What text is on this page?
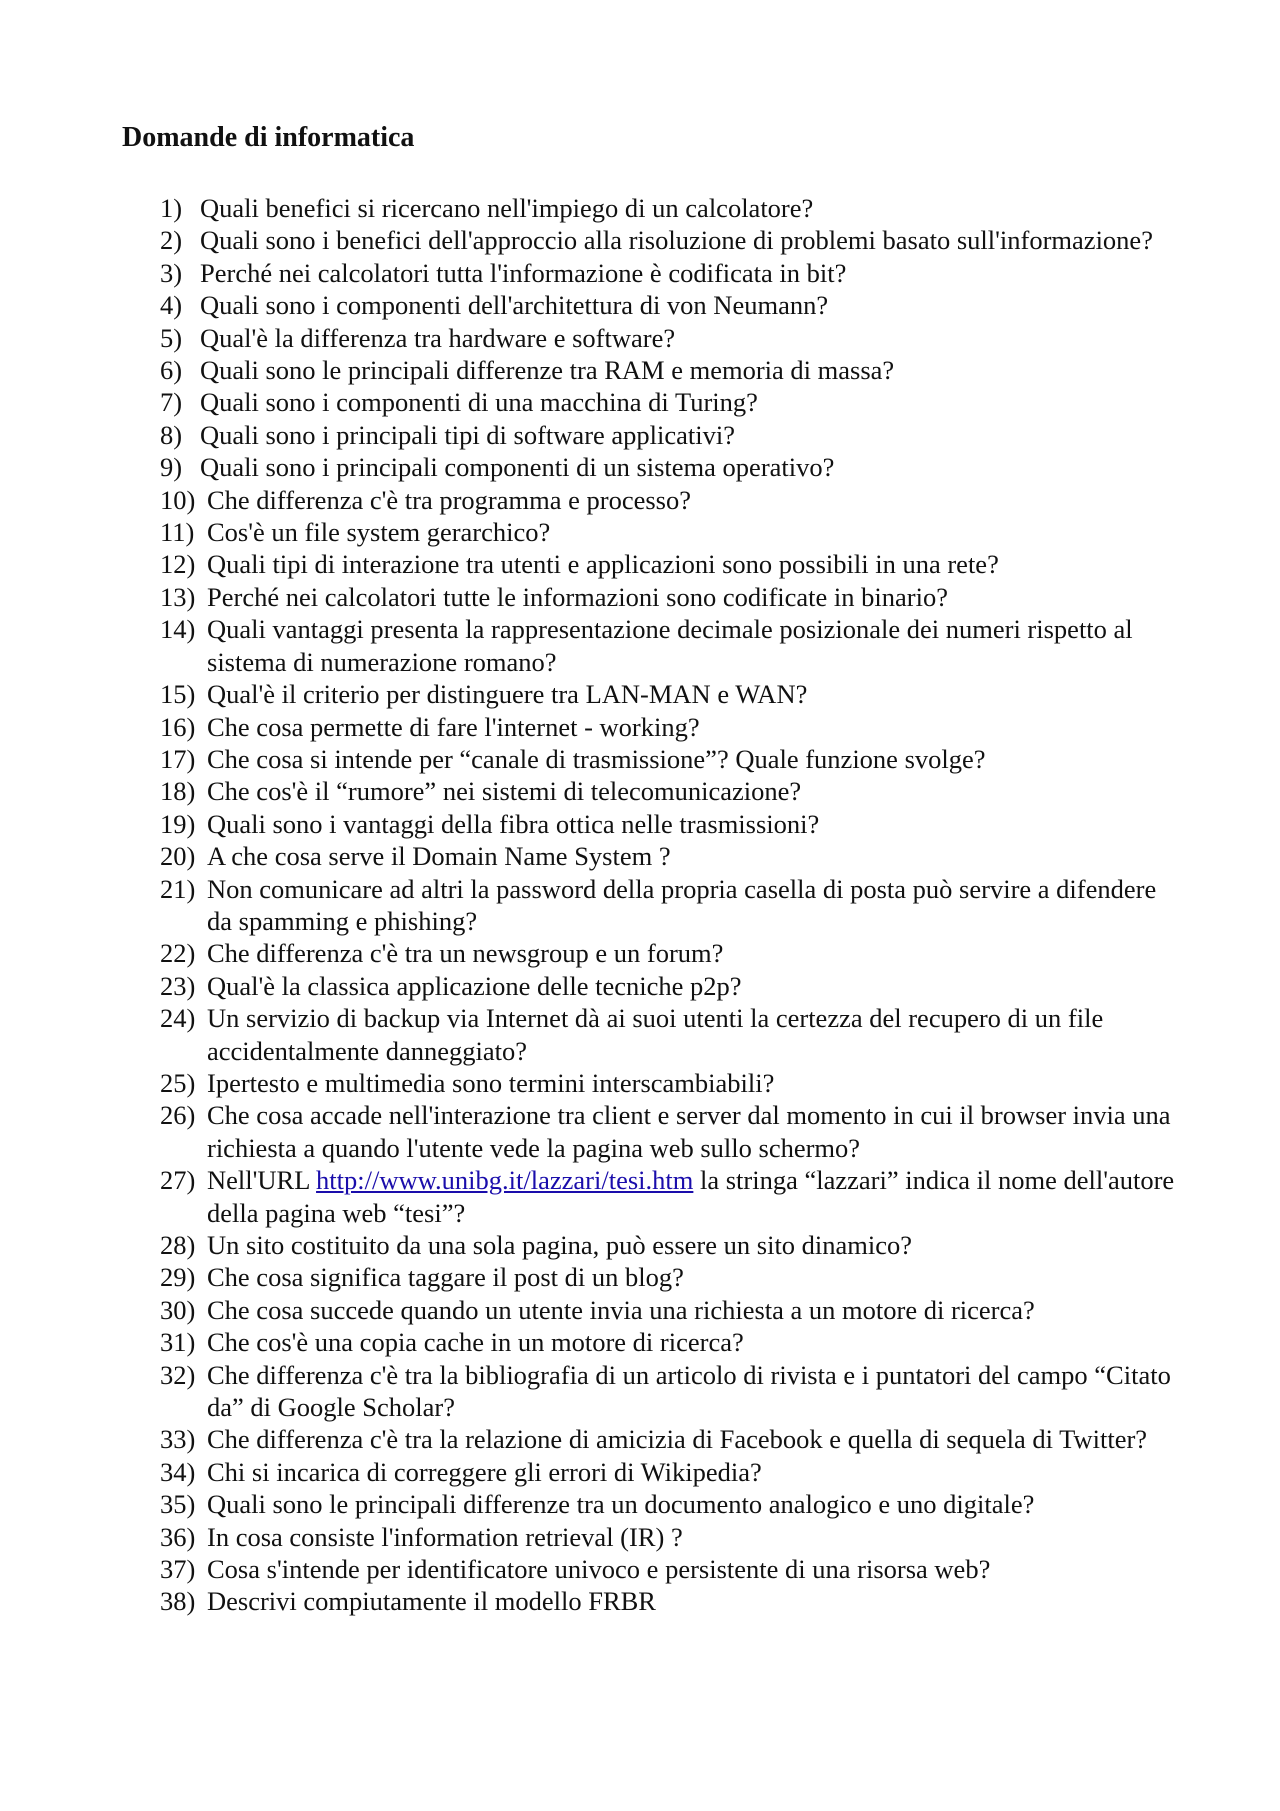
Domande di informatica
1) Quali benefici si ricercano nell'impiego di un calcolatore?
2) Quali sono i benefici dell'approccio alla risoluzione di problemi basato sull'informazione?
3) Perché nei calcolatori tutta l'informazione è codificata in bit?
4) Quali sono i componenti dell'architettura di von Neumann?
5) Qual'è la differenza tra hardware e software?
6) Quali sono le principali differenze tra RAM e memoria di massa?
7) Quali sono i componenti di una macchina di Turing?
8) Quali sono i principali tipi di software applicativi?
9) Quali sono i principali componenti di un sistema operativo?
10) Che differenza c'è tra programma e processo?
11) Cos'è un file system gerarchico?
12) Quali tipi di interazione tra utenti e applicazioni sono possibili in una rete?
13) Perché nei calcolatori tutte le informazioni sono codificate in binario?
14) Quali vantaggi presenta la rappresentazione decimale posizionale dei numeri rispetto al sistema di numerazione romano?
15) Qual'è il criterio per distinguere tra LAN-MAN e WAN?
16) Che cosa permette di fare l'internet - working?
17) Che cosa si intende per “canale di trasmissione”? Quale funzione svolge?
18) Che cos'è il “rumore” nei sistemi di telecomunicazione?
19) Quali sono i vantaggi della fibra ottica nelle trasmissioni?
20) A che cosa serve il Domain Name System ?
21) Non comunicare ad altri la password della propria casella di posta può servire a difendere da spamming e phishing?
22) Che differenza c'è tra un newsgroup e un forum?
23) Qual'è la classica applicazione delle tecniche p2p?
24) Un servizio di backup via Internet dà ai suoi utenti la certezza del recupero di un file accidentalmente danneggiato?
25) Ipertesto e multimedia sono termini interscambiabili?
26) Che cosa accade nell'interazione tra client e server dal momento in cui il browser invia una richiesta a quando l'utente vede la pagina web sullo schermo?
27) Nell'URL http://www.unibg.it/lazzari/tesi.htm la stringa “lazzari” indica il nome dell'autore della pagina web “tesi”?
28) Un sito costituito da una sola pagina, può essere un sito dinamico?
29) Che cosa significa taggare il post di un blog?
30) Che cosa succede quando un utente invia una richiesta a un motore di ricerca?
31) Che cos'è una copia cache in un motore di ricerca?
32) Che differenza c'è tra la bibliografia di un articolo di rivista e i puntatori del campo “Citato da” di Google Scholar?
33) Che differenza c'è tra la relazione di amicizia di Facebook e quella di sequela di Twitter?
34) Chi si incarica di correggere gli errori di Wikipedia?
35) Quali sono le principali differenze tra un documento analogico e uno digitale?
36) In cosa consiste l'information retrieval (IR) ?
37) Cosa s'intende per identificatore univoco e persistente di una risorsa web?
38) Descrivi compiutamente il modello FRBR
